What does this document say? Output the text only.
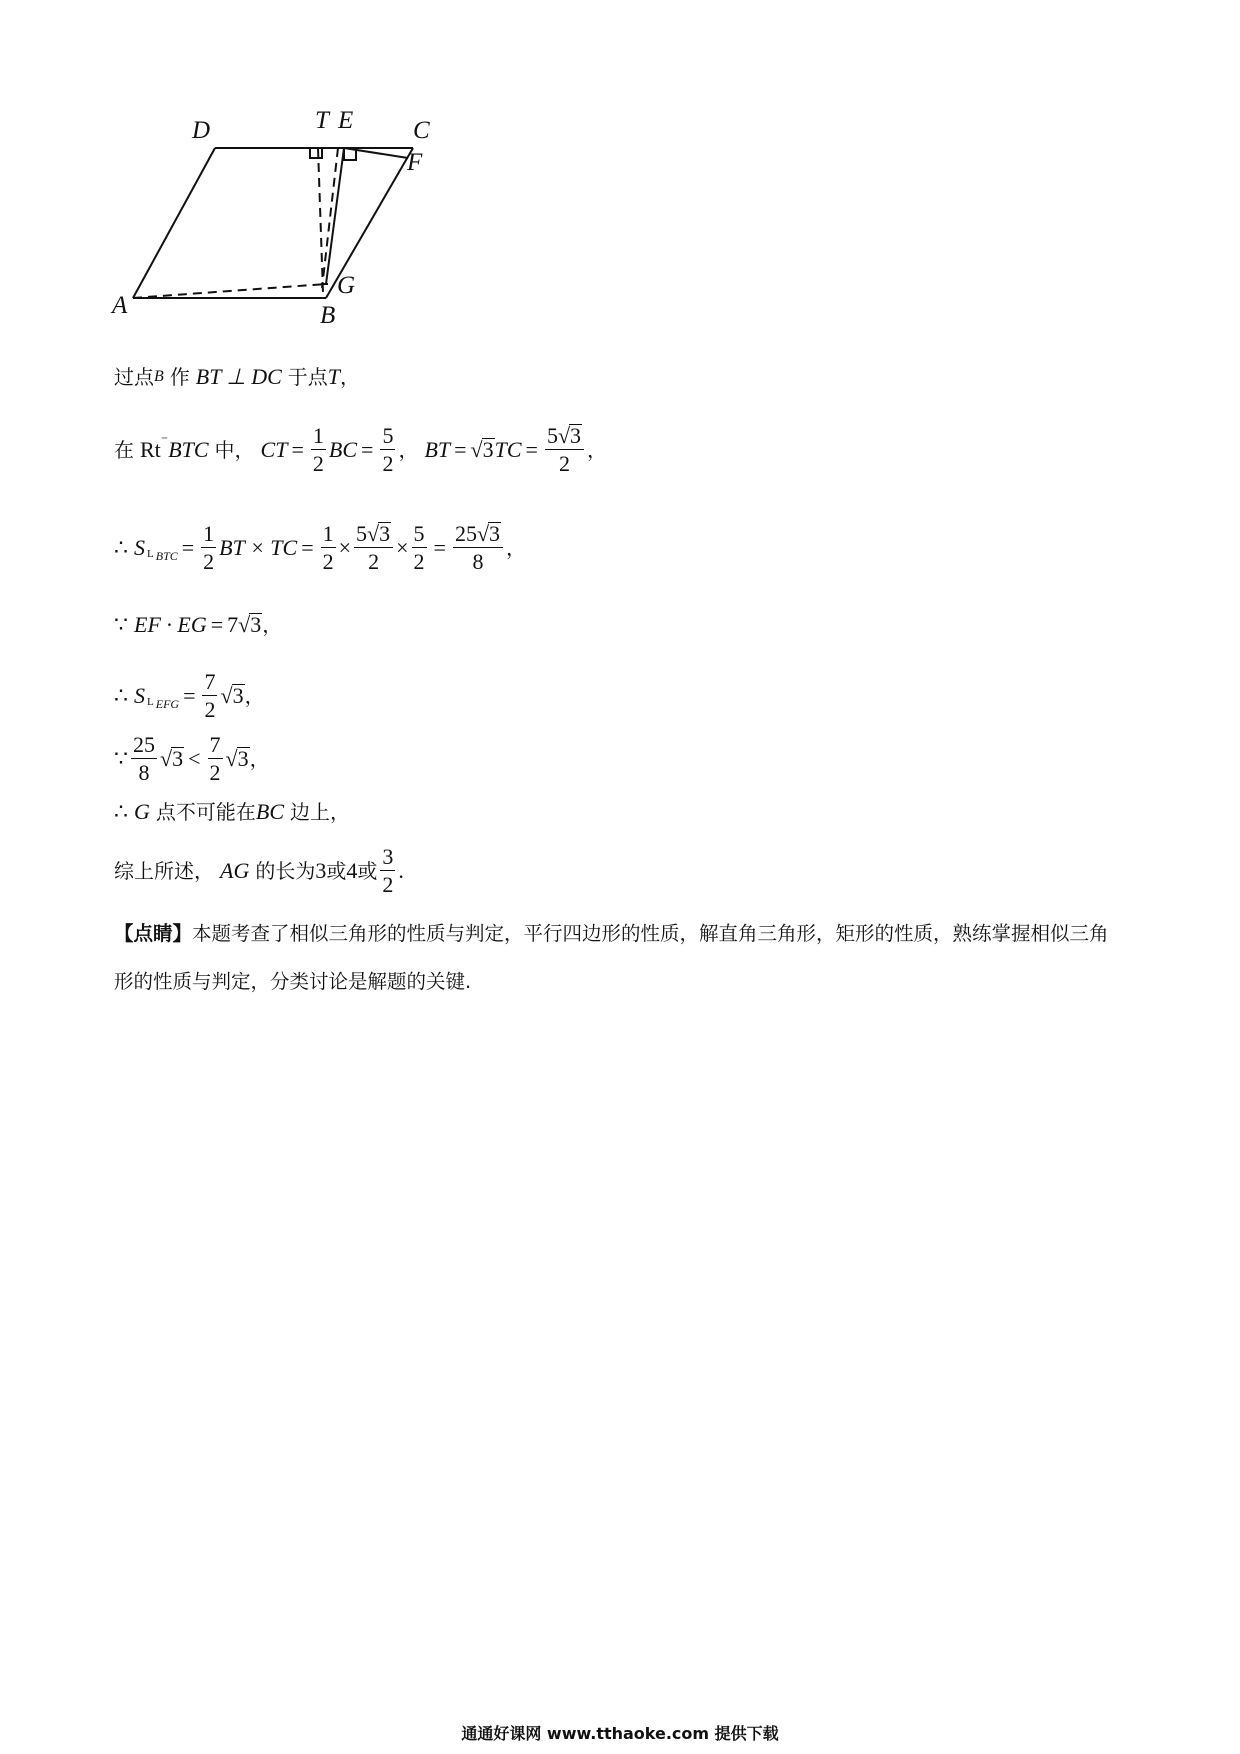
D	T E C
F
A	B
G
过点 B 作 BT ⊥ DC 于点 T ，
在 Rt ⁻ BTC 中， CT = $\frac{1}{2}$ BC = $\frac{5}{2}$ ， BT = √ 3 TC = $\frac{5 √ 3}{2}$ ，
∴ S L BTC = $\frac{1}{2}$ BT × TC = $\frac{1}{2} \times \frac{5 √ 3}{2} \times \frac{5}{2} = \frac{25 √ 3}{8}$ ，
∵ EF · EG = 7 √ 3 ，
∴ S L EFG = $\frac{7}{2}$ √ 3 ，
∵ $\frac{25}{8}$ √ $3 < \frac{7}{2}$ √ 3 ，
∴ G 点不可能在 BC 边上，
综上所述， AG 的长为 3 或 4 或 $\frac{3}{2}$ .
【点睛】本题考查了相似三角形的性质与判定，平行四边形的性质，解直角三角形，矩形的性质，熟练掌握相似三角形的性质与判定，分类讨论是解题的关键.
通通好课网 www.tthaoke.com 提供下载
